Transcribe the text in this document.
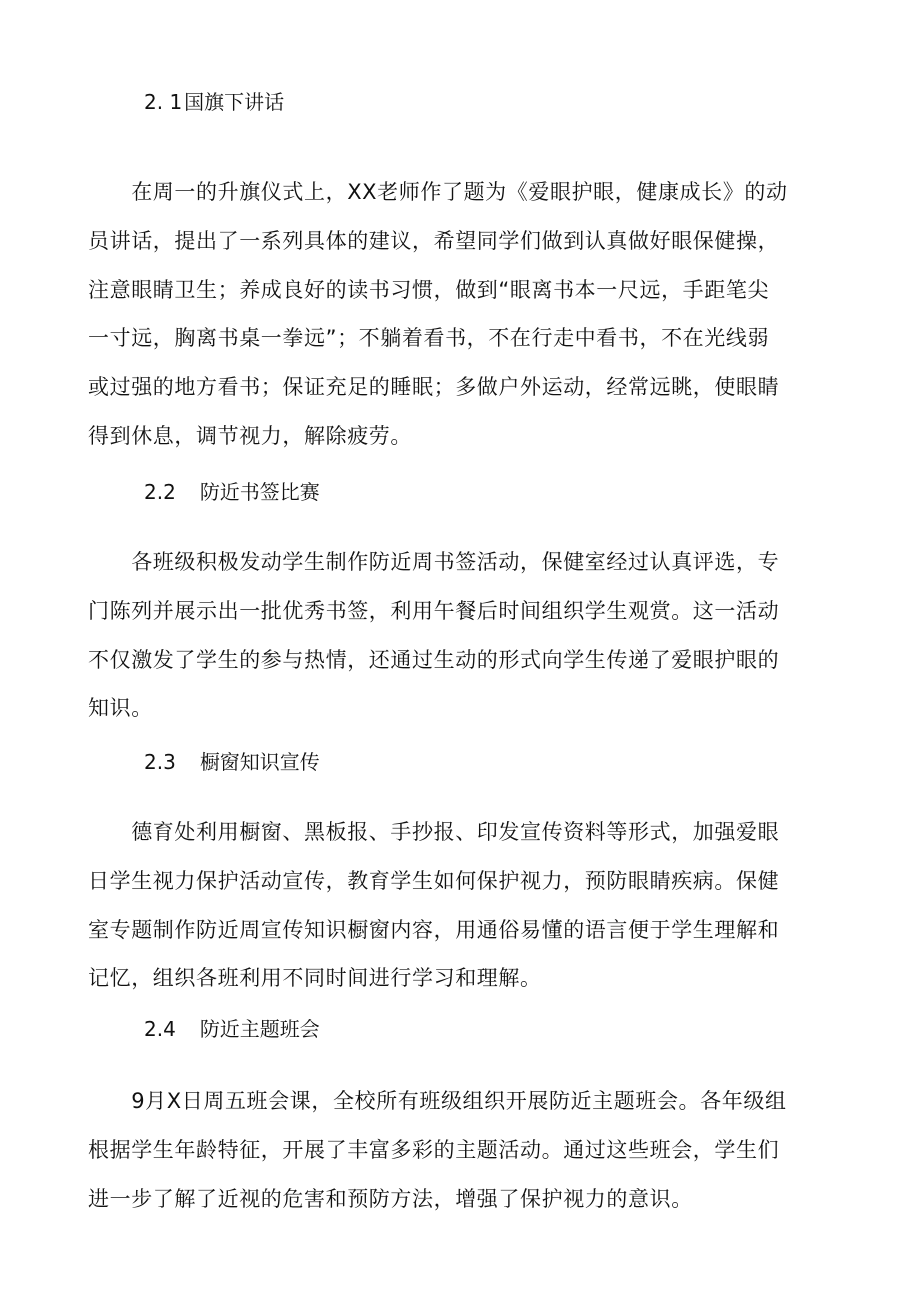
2. 1 国旗下讲话
　　在周一的升旗仪式上，XX老师作了题为《爱眼护眼，健康成长》的动
员讲话，提出了一系列具体的建议，希望同学们做到认真做好眼保健操，
注意眼睛卫生；养成良好的读书习惯，做到“眼离书本一尺远，手距笔尖
一寸远，胸离书桌一拳远”；不躺着看书，不在行走中看书，不在光线弱
或过强的地方看书；保证充足的睡眠；多做户外运动，经常远眺，使眼睛
得到休息，调节视力，解除疲劳。
2.2 防近书签比赛
　　各班级积极发动学生制作防近周书签活动，保健室经过认真评选，专
门陈列并展示出一批优秀书签，利用午餐后时间组织学生观赏。这一活动
不仅激发了学生的参与热情，还通过生动的形式向学生传递了爱眼护眼的
知识。
2.3 橱窗知识宣传
　　德育处利用橱窗、黑板报、手抄报、印发宣传资料等形式，加强爱眼
日学生视力保护活动宣传，教育学生如何保护视力，预防眼睛疾病。保健
室专题制作防近周宣传知识橱窗内容，用通俗易懂的语言便于学生理解和
记忆，组织各班利用不同时间进行学习和理解。
2.4 防近主题班会
　　9月X日周五班会课，全校所有班级组织开展防近主题班会。各年级组
根据学生年龄特征，开展了丰富多彩的主题活动。通过这些班会，学生们
进一步了解了近视的危害和预防方法，增强了保护视力的意识。
